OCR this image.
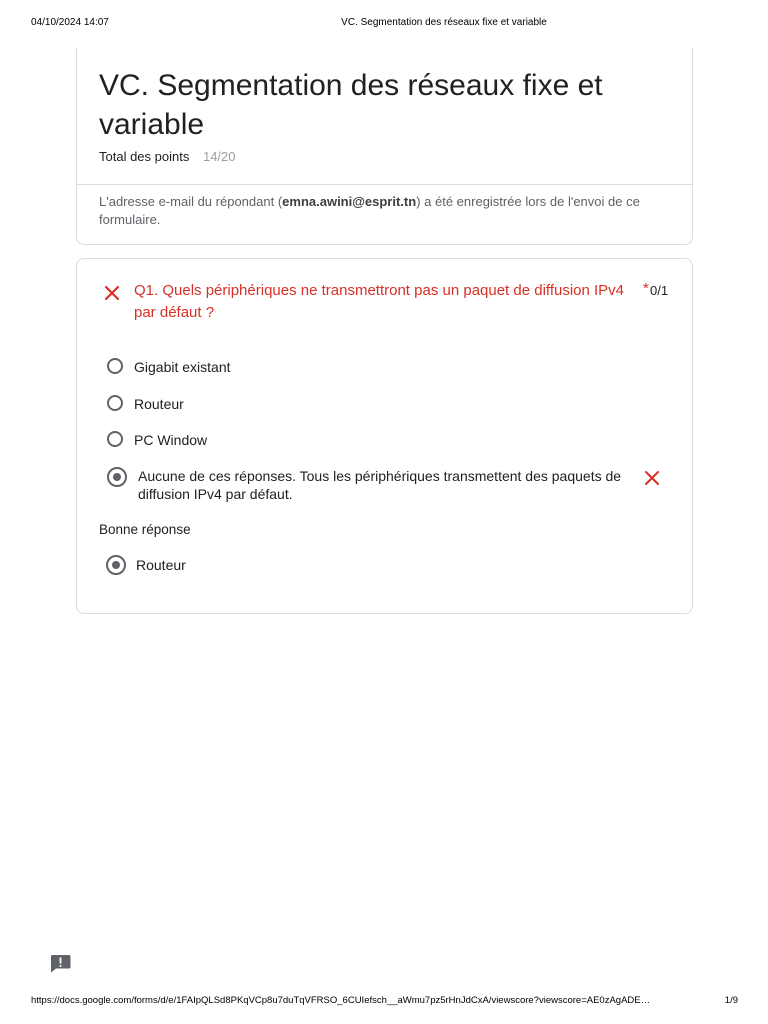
04/10/2024 14:07	VC. Segmentation des réseaux fixe et variable
VC. Segmentation des réseaux fixe et variable
Total des points 14/20
L'adresse e-mail du répondant (emna.awini@esprit.tn) a été enregistrée lors de l'envoi de ce formulaire.
Q1. Quels périphériques ne transmettront pas un paquet de diffusion IPv4 par défaut ?
* 0/1
Gigabit existant
Routeur
PC Window
Aucune de ces réponses. Tous les périphériques transmettent des paquets de diffusion IPv4 par défaut.
Bonne réponse
Routeur
https://docs.google.com/forms/d/e/1FAIpQLSd8PKqVCp8u7duTqVFRSO_6CUIefsch__aWmu7pz5rHnJdCxA/viewscore?viewscore=AE0zAgADE…	1/9
